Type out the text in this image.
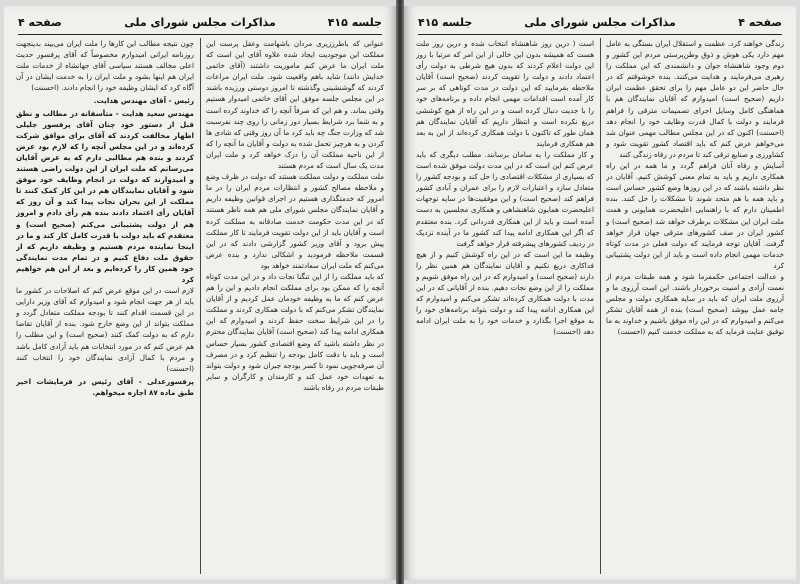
جلسه ۴۱۵
مذاکرات مجلس شورای ملی
صفحه ۴

عنوانی که باطرززیری مردان باشهامت وعقل پرست این مملکت این موجودیت ایجاد شده علاوه آقای این است که ملت ایران ما عرض کنم ماموریت داشتند (آقای خاتمی خدایش دانند) شاید باهم واقعیت شود. ملت ایران مراعات کردند که گوشنشینی وگذشته تا امروز دوستی ورزیده باشند در این مجلس جلسه موفق این آقای خاتمی امیدوار هستیم وقتی بماند. و هم این که صرفاً آنچه را که خداوند کرده است و به شما برد شرایط بسیار دور زمانی را روی چند نفرسبت شد که وزارت جنگ چه باید کرد ما آن روز وقتی که شادی ها کردن و به هرچیز تحمل شده به دولت و آقایان ما آنچه را که از این ناحیه مملکت آن را درک خواهد کرد و ملت ایران مدت یک سال است که مردم هستند

ملت مملکت و دولت مملکت هستند که دولت در ظرف وضع و ملاحظه مصالح کشور و انتظارات مردم ایران را در ما امروز که خدمتگذاری هستیم در اجرای قوانین وظیفه داریم و آقایان نمایندگان مجلس شورای ملی هم همه ناظر هستند که در این مدت حکومت خدمت صادقانه به مملکت کرده است و آقایان باید از این دولت تقویت فرمایند تا کار مملکت پیش برود و آقای وزیر کشور گزارشی دادند که در این قسمت ملاحظه فرمودید و اشکالی ندارد و بنده عرض می‌کنم که ملت ایران سعادتمند خواهد بود

که باید مملکت را از این تنگنا نجات داد و در این مدت کوتاه آنچه را که ممکن بود برای مملکت انجام دادیم و این را هم عرض کنم که ما به وظیفه خودمان عمل کردیم و از آقایان نمایندگان تشکر می‌کنم که با دولت همکاری کردند و مملکت را در این شرایط سخت حفظ کردند و امیدوارم که این همکاری ادامه پیدا کند (صحیح است) آقایان نمایندگان محترم در نظر داشته باشید که وضع اقتصادی کشور بسیار حساس است و باید با دقت کامل بودجه را تنظیم کرد و در مصرف آن صرفه‌جویی نمود تا کسر بودجه جبران شود و دولت بتواند به تعهدات خود عمل کند و کارمندان و کارگران و سایر طبقات مردم در رفاه باشند

چون نتیجه مطالب این کارها را ملت ایران می‌بیند بدینجهت روزنامه ایرانی امیدوارم مخصوصاً که آقای پرفسور حدیث اعلی مخالف هستند سیاسی آقای جهانشاه از خدمات ملت ایران هم اینها بشود و ملت ایران را به خدمت ایشان در آن آگاه کرد که ایشان وظیفه خود را انجام دادند. (احسنت)

رئیس - آقای مهندس هدایت.

مهندس سعید هدایت - متأسفانه در مطالب و نطق قبل از دستور خود چنان آقای پرفسور جلیلی اظهار مخالفت کردند که آقای برای موافق شرکت کرده‌اند و در این مجلس آنچه را که لازم بود عرض کردند و بنده هم مطالبی دارم که به عرض آقایان می‌رسانم که ملت ایران از این دولت راضی هستند و امیدوارند که دولت در انجام وظایف خود موفق شود و آقایان نمایندگان هم در این کار کمک کنند تا مملکت از این بحران نجات پیدا کند و آن روز که آقایان رأی اعتماد دادند بنده هم رأی دادم و امروز هم از دولت پشتیبانی می‌کنم (صحیح است) و معتقدم که باید دولت با قدرت کامل کار کند و ما در اینجا نماینده مردم هستیم و وظیفه داریم که از حقوق ملت دفاع کنیم و در تمام مدت نمایندگی خود همین کار را کرده‌ایم و بعد از این هم خواهیم کرد

لازم است در این موقع عرض کنم که اصلاحات در کشور ما باید از هر جهت انجام شود و امیدوارم که آقای وزیر دارایی در این قسمت اقدام کنند تا بودجه مملکت متعادل گردد و مملکت بتواند از این وضع خارج شود. بنده از آقایان تقاضا دارم که به دولت کمک کنند (صحیح است) و این مطلب را هم عرض کنم که در مورد انتخابات هم باید آزادی کامل باشد و مردم با کمال آزادی نمایندگان خود را انتخاب کنند (احسنت)

پرفسورعدلی - آقای رئیس در فرمایشات اخیر طبق ماده ۸۷ اجازه میخواهم.
صفحه ۴
مذاکرات مجلس شورای ملی
جلسه ۴۱۵

زندگی خواهند کرد. عظمت و استقلال ایران بستگی به عامل مهم دارد یکی هوش و ذوق وطن‌پرستی مردم این کشور و دوم وجود شاهنشاه جوان و دانشمندی که این مملکت را رهبری می‌فرمایند و هدایت می‌کنند. بنده خوشوقتم که در حال حاضر این دو عامل مهم را برای تحقق عظمت ایران داریم (صحیح است) امیدوارم که آقایان نمایندگان هم با هماهنگی کامل وسایل اجرای تصمیمات مترقی را فراهم فرمایند و دولت با کمال قدرت وظایف خود را انجام دهد (احسنت) اکنون که در این مجلس مطالب مهمی عنوان شد می‌خواهم عرض کنم که باید اقتصاد کشور تقویت شود و کشاورزی و صنایع ترقی کند تا مردم در رفاه زندگی کنند

آسایش و رفاه آنان فراهم گردد و ما همه در این راه همکاری داریم و باید به تمام معنی کوشش کنیم. آقایان در نظر داشته باشند که در این روزها وضع کشور حساس است و باید همه با هم متحد شوند تا مشکلات را حل کنند. بنده اطمینان دارم که با راهنمایی اعلیحضرت همایونی و همت ملت ایران این مشکلات برطرف خواهد شد (صحیح است) و کشور ایران در صف کشورهای مترقی جهان قرار خواهد گرفت. آقایان توجه فرمایند که دولت فعلی در مدت کوتاه خدمات مهمی انجام داده است و باید از این دولت پشتیبانی کرد

و عدالت اجتماعی حکمفرما شود و همه طبقات مردم از نعمت آزادی و امنیت برخوردار باشند. این است آرزوی ما و آرزوی ملت ایران که باید در سایه همکاری دولت و مجلس جامه عمل بپوشد (صحیح است) بنده از همه آقایان تشکر می‌کنم و امیدوارم که در این راه موفق باشیم و خداوند به ما توفیق عنایت فرماید که به مملکت خدمت کنیم (احسنت)

است ( درین روز شاهنشاه انتخاب شده و درین روز ملت هست که همیشه بدون این خالی از این امر که مرتبا با روز این دولت اعلام کردند که بدون هیچ شرطی به دولت رأی اعتماد دادند و دولت را تقویت کردند (صحیح است) آقایان ملاحظه بفرمایید که این دولت در مدت کوتاهی که بر سر کار آمده است اقدامات مهمی انجام داده و برنامه‌های خود را با جدیت دنبال کرده است و در این راه از هیچ کوششی دریغ نکرده است و انتظار داریم که آقایان نمایندگان هم همان طور که تاکنون با دولت همکاری کرده‌اند از این به بعد هم همکاری فرمایند

و کار مملکت را به سامان برسانند. مطلب دیگری که باید عرض کنم این است که در این مدت دولت موفق شده است که بسیاری از مشکلات اقتصادی را حل کند و بودجه کشور را متعادل سازد و اعتبارات لازم را برای عمران و آبادی کشور فراهم کند (صحیح است) و این موفقیت‌ها در سایه توجهات اعلیحضرت همایون شاهنشاهی و همکاری مجلسین به دست آمده است و باید از این همکاری قدردانی کرد. بنده معتقدم که اگر این همکاری ادامه پیدا کند کشور ما در آینده نزدیک در ردیف کشورهای پیشرفته قرار خواهد گرفت

وظیفه ما این است که در این راه کوشش کنیم و از هیچ فداکاری دریغ نکنیم و آقایان نمایندگان هم همین نظر را دارند (صحیح است) و امیدوارم که در این راه موفق شویم و مملکت را از این وضع نجات دهیم. بنده از آقایانی که در این مدت با دولت همکاری کرده‌اند تشکر می‌کنم و امیدوارم که این همکاری ادامه پیدا کند و دولت بتواند برنامه‌های خود را به موقع اجرا بگذارد و خدمات خود را به ملت ایران ادامه دهد (احسنت)
